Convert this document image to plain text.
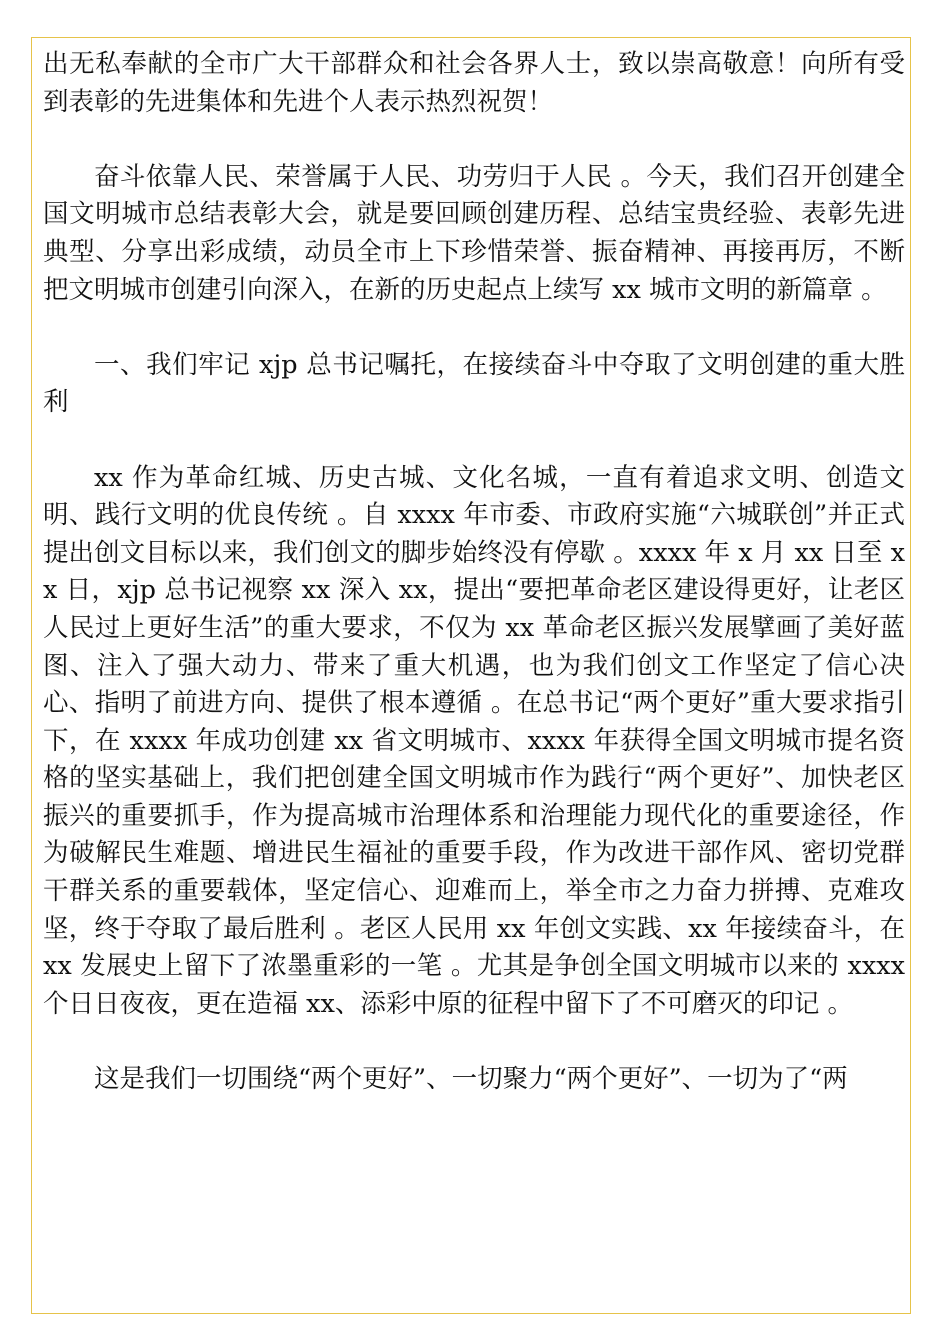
出无私奉献的全市广大干部群众和社会各界人士，致以崇高敬意！向所有受到表彰的先进集体和先进个人表示热烈祝贺！

奋斗依靠人民、荣誉属于人民、功劳归于人民 。今天，我们召开创建全国文明城市总结表彰大会，就是要回顾创建历程、总结宝贵经验、表彰先进典型、分享出彩成绩，动员全市上下珍惜荣誉、振奋精神、再接再厉，不断把文明城市创建引向深入，在新的历史起点上续写 xx 城市文明的新篇章 。

一、我们牢记 xjp 总书记嘱托，在接续奋斗中夺取了文明创建的重大胜利

xx 作为革命红城、历史古城、文化名城，一直有着追求文明、创造文明、践行文明的优良传统 。自 xxxx 年市委、市政府实施“六城联创”并正式提出创文目标以来，我们创文的脚步始终没有停歇 。xxxx 年 x 月 xx 日至 xx 日，xjp 总书记视察 xx 深入 xx，提出“要把革命老区建设得更好，让老区人民过上更好生活”的重大要求，不仅为 xx 革命老区振兴发展擘画了美好蓝图、注入了强大动力、带来了重大机遇，也为我们创文工作坚定了信心决心、指明了前进方向、提供了根本遵循 。在总书记“两个更好”重大要求指引下，在 xxxx 年成功创建 xx 省文明城市、xxxx 年获得全国文明城市提名资格的坚实基础上，我们把创建全国文明城市作为践行“两个更好”、加快老区振兴的重要抓手，作为提高城市治理体系和治理能力现代化的重要途径，作为破解民生难题、增进民生福祉的重要手段，作为改进干部作风、密切党群干群关系的重要载体，坚定信心、迎难而上，举全市之力奋力拼搏、克难攻坚，终于夺取了最后胜利 。老区人民用 xx 年创文实践、xx 年接续奋斗，在 xx 发展史上留下了浓墨重彩的一笔 。尤其是争创全国文明城市以来的 xxxx 个日日夜夜，更在造福 xx、添彩中原的征程中留下了不可磨灭的印记 。

这是我们一切围绕“两个更好”、一切聚力“两个更好”、一切为了“两
